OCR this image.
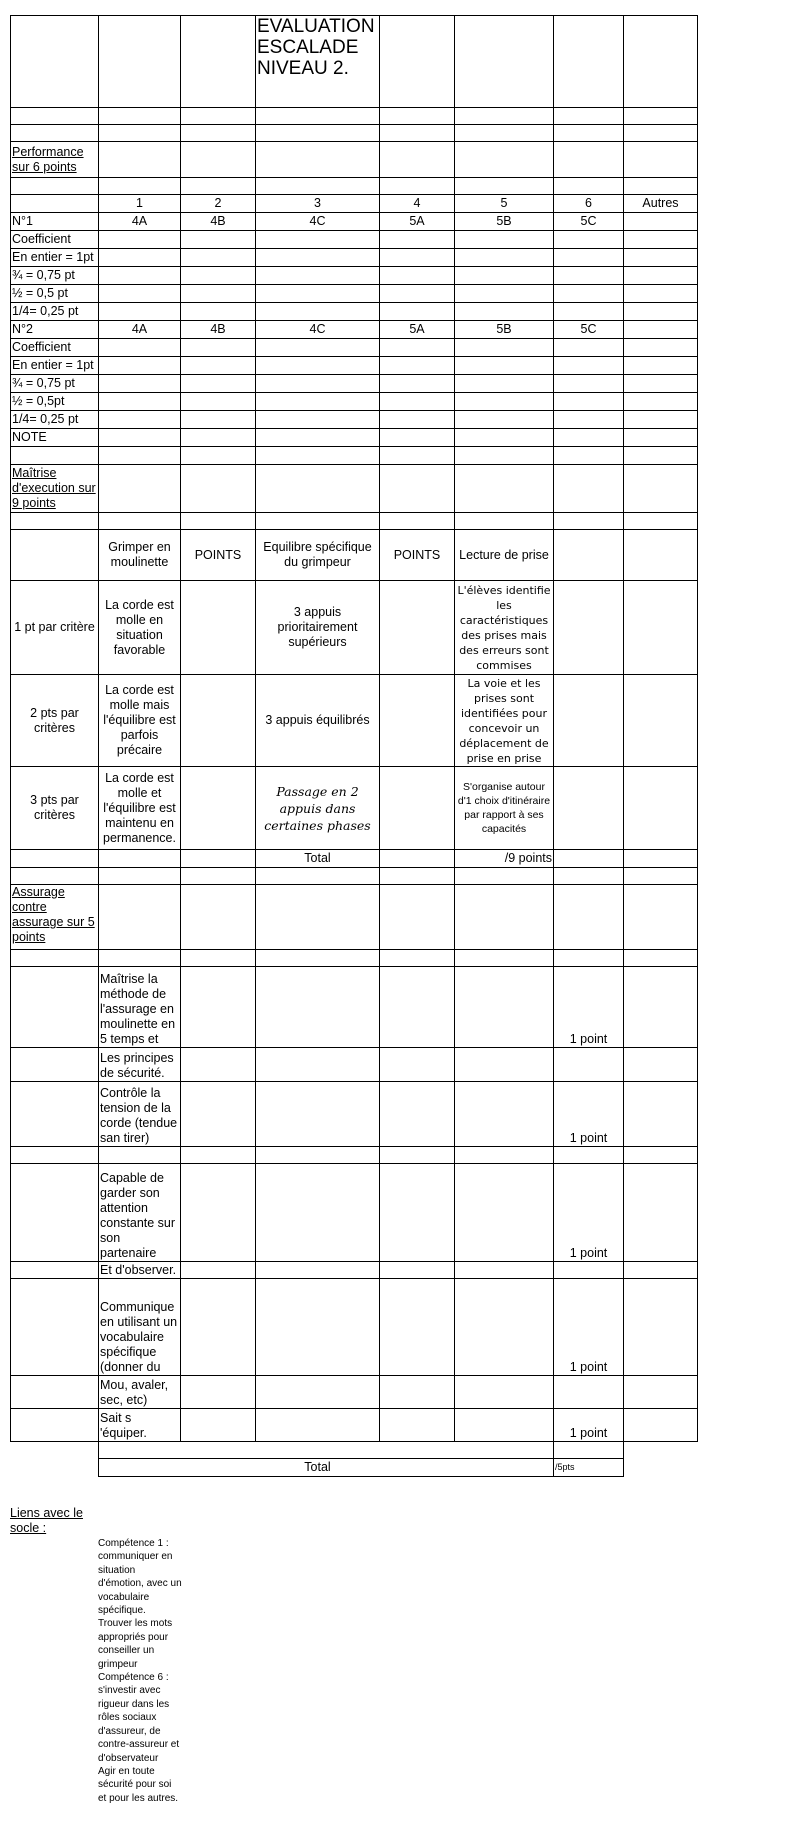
			EVALUATION ESCALADE NIVEAU 2.				

Performance sur 6 points							

	1	2	3	4	5	6	Autres
N°1	4A	4B	4C	5A	5B	5C	
Coefficient							
En entier = 1pt							
¾ = 0,75 pt							
½ = 0,5 pt							
1/4= 0,25 pt							
N°2	4A	4B	4C	5A	5B	5C	
Coefficient							
En entier = 1pt							
¾ = 0,75 pt							
½ = 0,5pt							
1/4= 0,25 pt							
NOTE							

Maîtrise d'execution sur 9 points							

	Grimper en moulinette	POINTS	Equilibre spécifique du grimpeur	POINTS	Lecture de prise		
1 pt par critère	La corde est molle en situation favorable		3 appuis prioritairement supérieurs		L'élèves identifie les caractéristiques des prises mais des erreurs sont commises		
2 pts par critères	La corde est molle mais l'équilibre est parfois précaire		3 appuis équilibrés		La voie et les prises sont identifiées pour concevoir un déplacement de prise en prise		
3 pts par critères	La corde est molle et l'équilibre est maintenu en permanence.		Passage en 2 appuis dans certaines phases		S'organise autour d'1 choix d'itinéraire par rapport à ses capacités		
			Total		/9 points		

Assurage contre assurage sur 5 points							

	Maîtrise la méthode de l'assurage en moulinette en 5 temps et					1 point	
	Les principes de sécurité.						
	Contrôle la tension de la corde (tendue san tirer)					1 point	

	Capable de garder son attention constante sur son partenaire					1 point	
	Et d'observer.						
	Communique en utilisant un vocabulaire spécifique (donner du					1 point	
	Mou, avaler, sec, etc)						
	Sait s 'équiper.					1 point	

			Total			/5pts	
Liens avec le socle :
Compétence 1 : communiquer en situation d'émotion, avec un vocabulaire spécifique.
Trouver les mots appropriés pour conseiller un grimpeur
Compétence 6 : s'investir avec rigueur dans les rôles sociaux d'assureur, de contre-assureur et d'observateur
Agir en toute sécurité pour soi et pour les autres.
